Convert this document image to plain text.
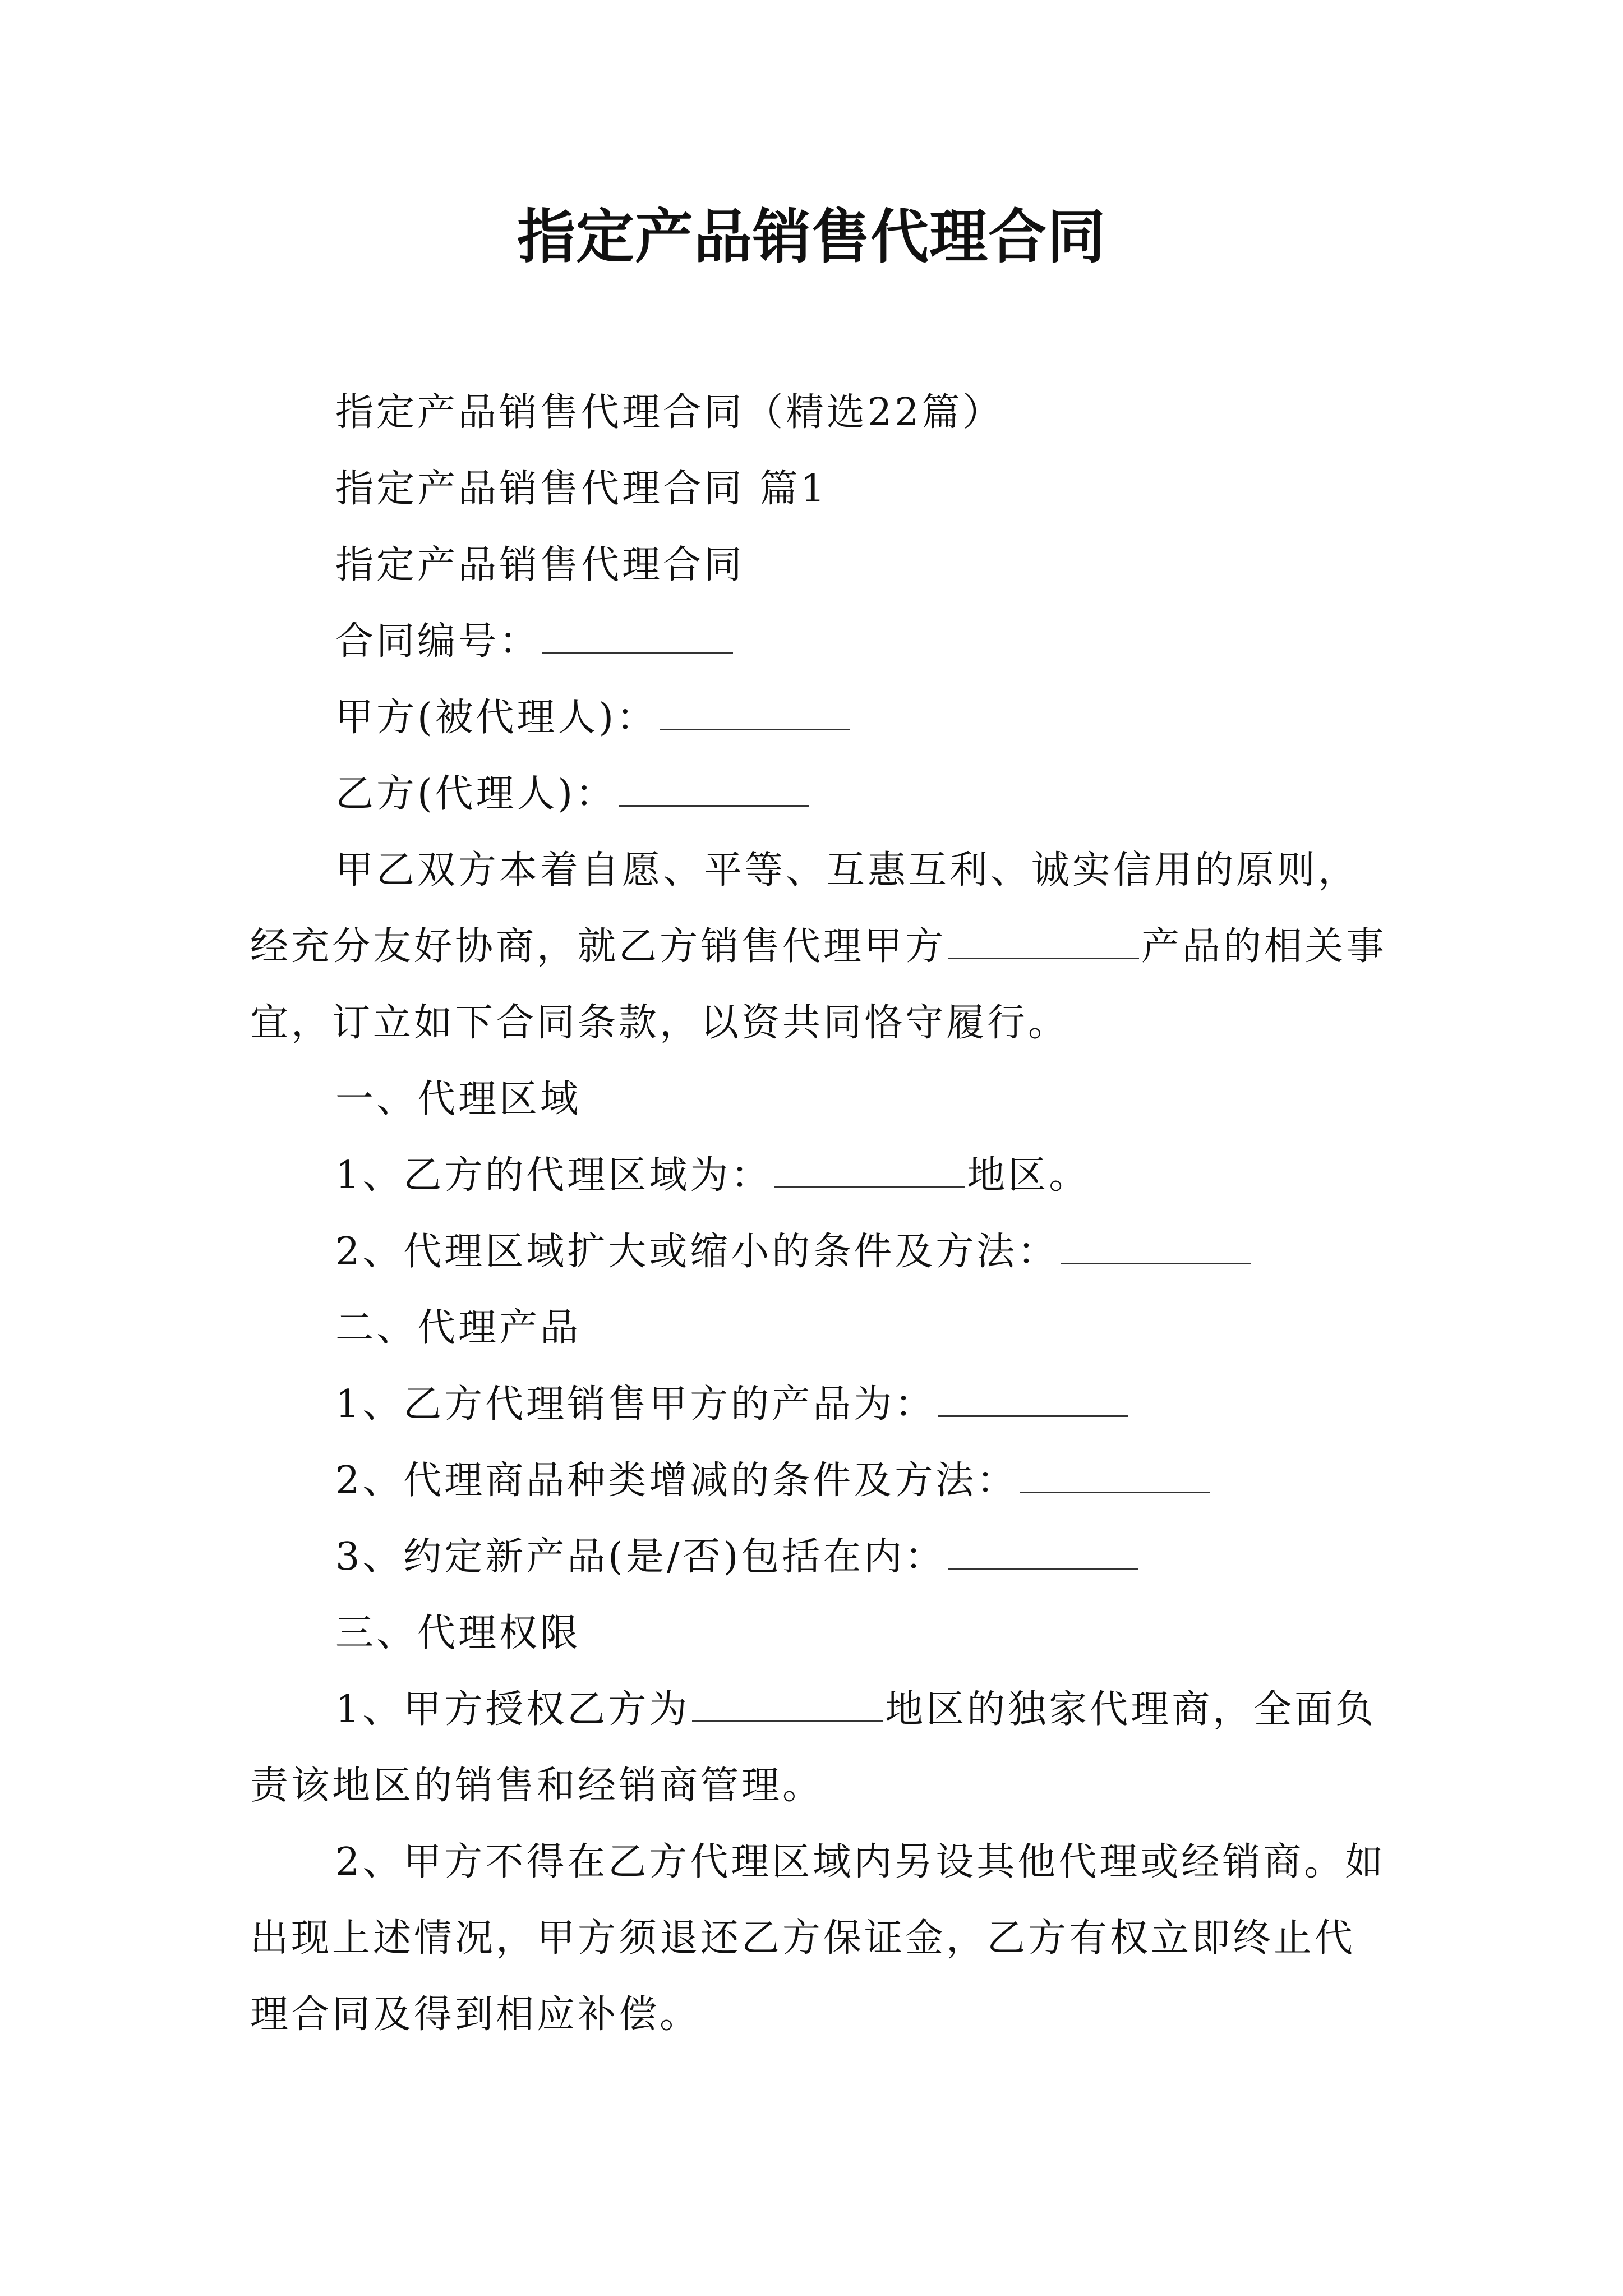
指定产品销售代理合同

指定产品销售代理合同（精选22篇）

指定产品销售代理合同 篇1

指定产品销售代理合同

合同编号：

甲方(被代理人)：

乙方(代理人)：

甲乙双方本着自愿、平等、互惠互利、诚实信用的原则，经充分友好协商，就乙方销售代理甲方	产品的相关事宜，订立如下合同条款，以资共同恪守履行。

一、代理区域

1、乙方的代理区域为：	地区。

2、代理区域扩大或缩小的条件及方法：

二、代理产品

1、乙方代理销售甲方的产品为：

2、代理商品种类增减的条件及方法：

3、约定新产品(是/否)包括在内：

三、代理权限

1、甲方授权乙方为	地区的独家代理商，全面负责该地区的销售和经销商管理。

2、甲方不得在乙方代理区域内另设其他代理或经销商。如出现上述情况，甲方须退还乙方保证金，乙方有权立即终止代理合同及得到相应补偿。
